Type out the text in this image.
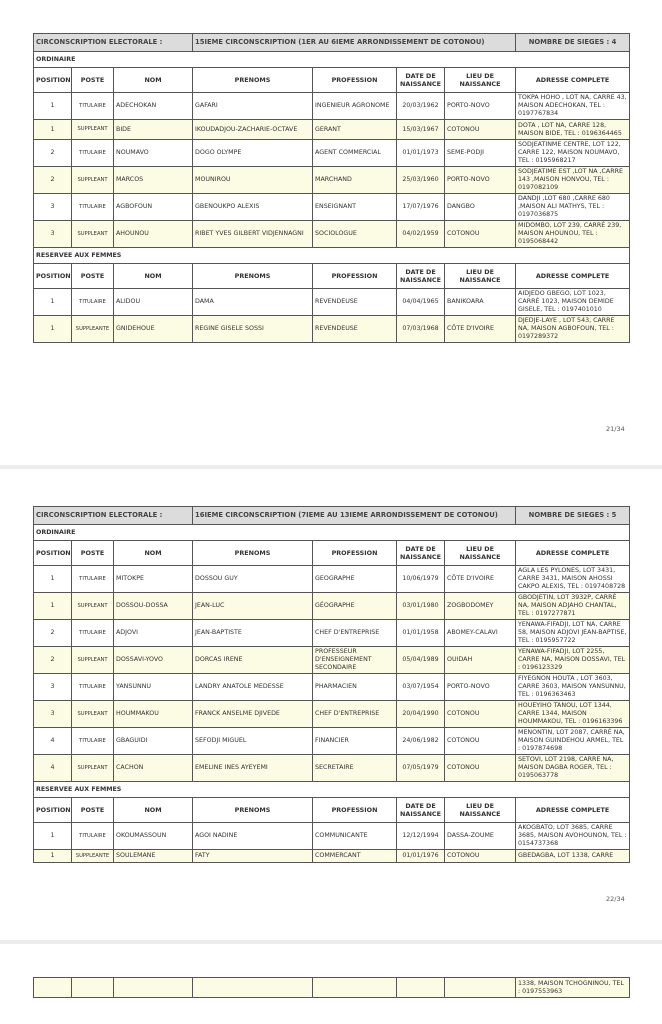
CIRCONSCRIPTION ELECTORALE :			15IEME CIRCONSCRIPTION (1ER AU 6IEME ARRONDISSEMENT DE COTONOU)				NOMBRE DE SIEGES : 4
ORDINAIRE							
POSITION	POSTE	NOM	PRENOMS	PROFESSION	DATE DE NAISSANCE	LIEU DE NAISSANCE	ADRESSE COMPLETE
1	TITULAIRE	ADECHOKAN	GAFARI	INGENIEUR AGRONOME	20/03/1962	PORTO-NOVO	TOKPA HOHO , LOT NA, CARRE 43, MAISON ADECHOKAN, TEL : 0197767834
1	SUPPLEANT	BIDE	IKOUDADJOU-ZACHARIE-OCTAVE	GERANT	15/03/1967	COTONOU	DOTA , LOT NA, CARRE 128, MAISON BIDE, TEL : 0196364465
2	TITULAIRE	NOUMAVO	DOGO OLYMPE	AGENT COMMERCIAL	01/01/1973	SEME-PODJI	SODJEATINME CENTRE, LOT 122, CARRE 122, MAISON NOUMAVO, TEL : 0195968217
2	SUPPLEANT	MARCOS	MOUNIROU	MARCHAND	25/03/1960	PORTO-NOVO	SODJEATIME EST ,LOT NA ,CARRE 143 ,MAISON HONVOU, TEL : 0197082109
3	TITULAIRE	AGBOFOUN	GBENOUKPO ALEXIS	ENSEIGNANT	17/07/1976	DANGBO	DANDJI ,LOT 680 ,CARRE 680 ,MAISON ALI MATHYS, TEL : 0197036875
3	SUPPLEANT	AHOUNOU	RIBET YVES GILBERT VIDJENNAGNI	SOCIOLOGUE	04/02/1959	COTONOU	MIDOMBO, LOT 239, CARRÉ 239, MAISON AHOUNOU, TEL : 0195068442
RESERVEE AUX FEMMES							
POSITION	POSTE	NOM	PRENOMS	PROFESSION	DATE DE NAISSANCE	LIEU DE NAISSANCE	ADRESSE COMPLETE
1	TITULAIRE	ALIDOU	DAMA	REVENDEUSE	04/04/1965	BANIKOARA	AIDJEDO GBEGO, LOT 1023, CARRÉ 1023, MAISON DEMIDE GISELE, TEL : 0197401010
1	SUPPLEANTE	GNIDEHOUE	REGINE GISELE SOSSI	REVENDEUSE	07/03/1968	CÔTE D'IVOIRE	DJEDJE-LAYE , LOT 543, CARRE NA, MAISON AGBOFOUN, TEL : 0197289372
21/34
CIRCONSCRIPTION ELECTORALE :			16IEME CIRCONSCRIPTION (7IEME AU 13IEME ARRONDISSEMENT DE COTONOU)				NOMBRE DE SIEGES : 5
ORDINAIRE							
POSITION	POSTE	NOM	PRENOMS	PROFESSION	DATE DE NAISSANCE	LIEU DE NAISSANCE	ADRESSE COMPLETE
1	TITULAIRE	MITOKPE	DOSSOU GUY	GEOGRAPHE	10/06/1979	CÔTE D'IVOIRE	AGLA LES PYLONES, LOT 3431, CARRE 3431, MAISON AHOSSI CAKPO ALEXIS, TEL : 0197408728
1	SUPPLEANT	DOSSOU-DOSSA	JEAN-LUC	GÉOGRAPHE	03/01/1980	ZOGBODOMEY	GBODJETIN, LOT 3932P, CARRÉ NA, MAISON ADJAHO CHANTAL, TEL : 0197277871
2	TITULAIRE	ADJOVI	JEAN-BAPTISTE	CHEF D'ENTREPRISE	01/01/1958	ABOMEY-CALAVI	YENAWA-FIFADJI, LOT NA, CARRE 58, MAISON ADJOVI JEAN-BAPTISE, TEL : 0195957722
2	SUPPLEANT	DOSSAVI-YOVO	DORCAS IRENE	PROFESSEUR D'ENSEIGNEMENT SECONDAIRE	05/04/1989	OUIDAH	YENAWA-FIFADJI, LOT 2255, CARRE NA, MAISON DOSSAVI, TEL : 0196123329
3	TITULAIRE	YANSUNNU	LANDRY ANATOLE MEDESSE	PHARMACIEN	03/07/1954	PORTO-NOVO	FIYEGNON HOUTA , LOT 3603, CARRE 3603, MAISON YANSUNNU, TEL : 0196363463
3	SUPPLEANT	HOUMMAKOU	FRANCK ANSELME DJIVEDE	CHEF D'ENTREPRISE	20/04/1990	COTONOU	HOUEYIHO TANOU, LOT 1344, CARRE 1344, MAISON HOUMMAKOU, TEL : 0196163396
4	TITULAIRE	GBAGUIDI	SEFODJI MIGUEL	FINANCIER	24/06/1982	COTONOU	MENONTIN, LOT 2087, CARRÉ NA, MAISON GUINDEHOU ARMEL, TEL : 0197874698
4	SUPPLEANT	CACHON	EMELINE INES AYEYEMI	SECRETAIRE	07/05/1979	COTONOU	SETOVI, LOT 2198, CARRE NA, MAISON DAGBA ROGER, TEL : 0195063778
RESERVEE AUX FEMMES							
POSITION	POSTE	NOM	PRENOMS	PROFESSION	DATE DE NAISSANCE	LIEU DE NAISSANCE	ADRESSE COMPLETE
1	TITULAIRE	OKOUMASSOUN	AGOI NADINE	COMMUNICANTE	12/12/1994	DASSA-ZOUME	AKOGBATO, LOT 3685, CARRE 3685, MAISON AVOHOUNON, TEL : 0154737368
1	SUPPLEANTE	SOULEMANE	FATY	COMMERCANT	01/01/1976	COTONOU	GBEDAGBA, LOT 1338, CARRE
22/34
							1338, MAISON TCHOGNINOU, TEL : 0197553963
